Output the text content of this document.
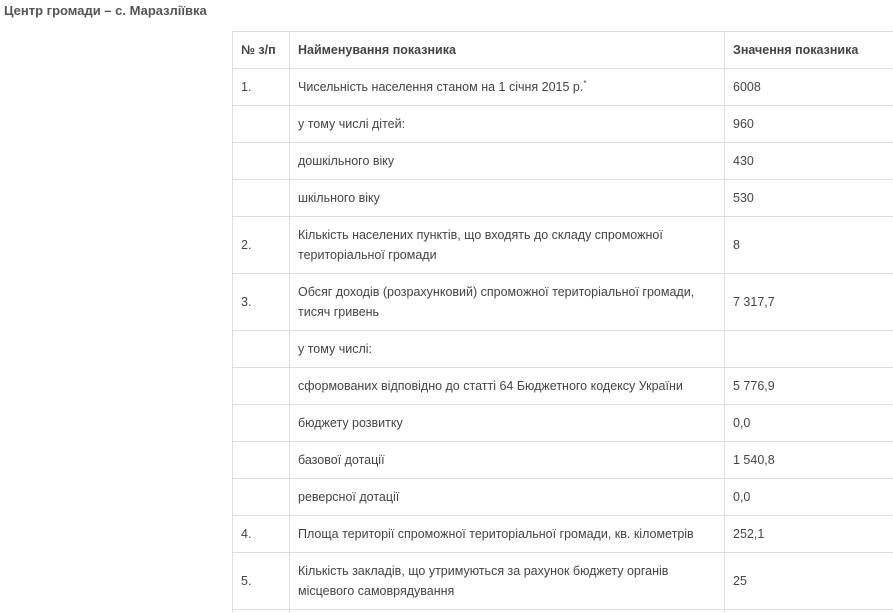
Центр громади – с. Маразліївка
№ з/п	Найменування показника	Значення показника
1.	Чисельність населення станом на 1 січня 2015 р.*	6008
	у тому числі дітей:	960
	дошкільного віку	430
	шкільного віку	530
2.	Кількість населених пунктів, що входять до складу спроможної територіальної громади	8
3.	Обсяг доходів (розрахунковий) спроможної територіальної громади, тисяч гривень	7 317,7
	у тому числі:	
	сформованих відповідно до статті 64 Бюджетного кодексу України	5 776,9
	бюджету розвитку	0,0
	базової дотації	1 540,8
	реверсної дотації	0,0
4.	Площа території спроможної територіальної громади, кв. кілометрів	252,1
5.	Кількість закладів, що утримуються за рахунок бюджету органів місцевого самоврядування	25
